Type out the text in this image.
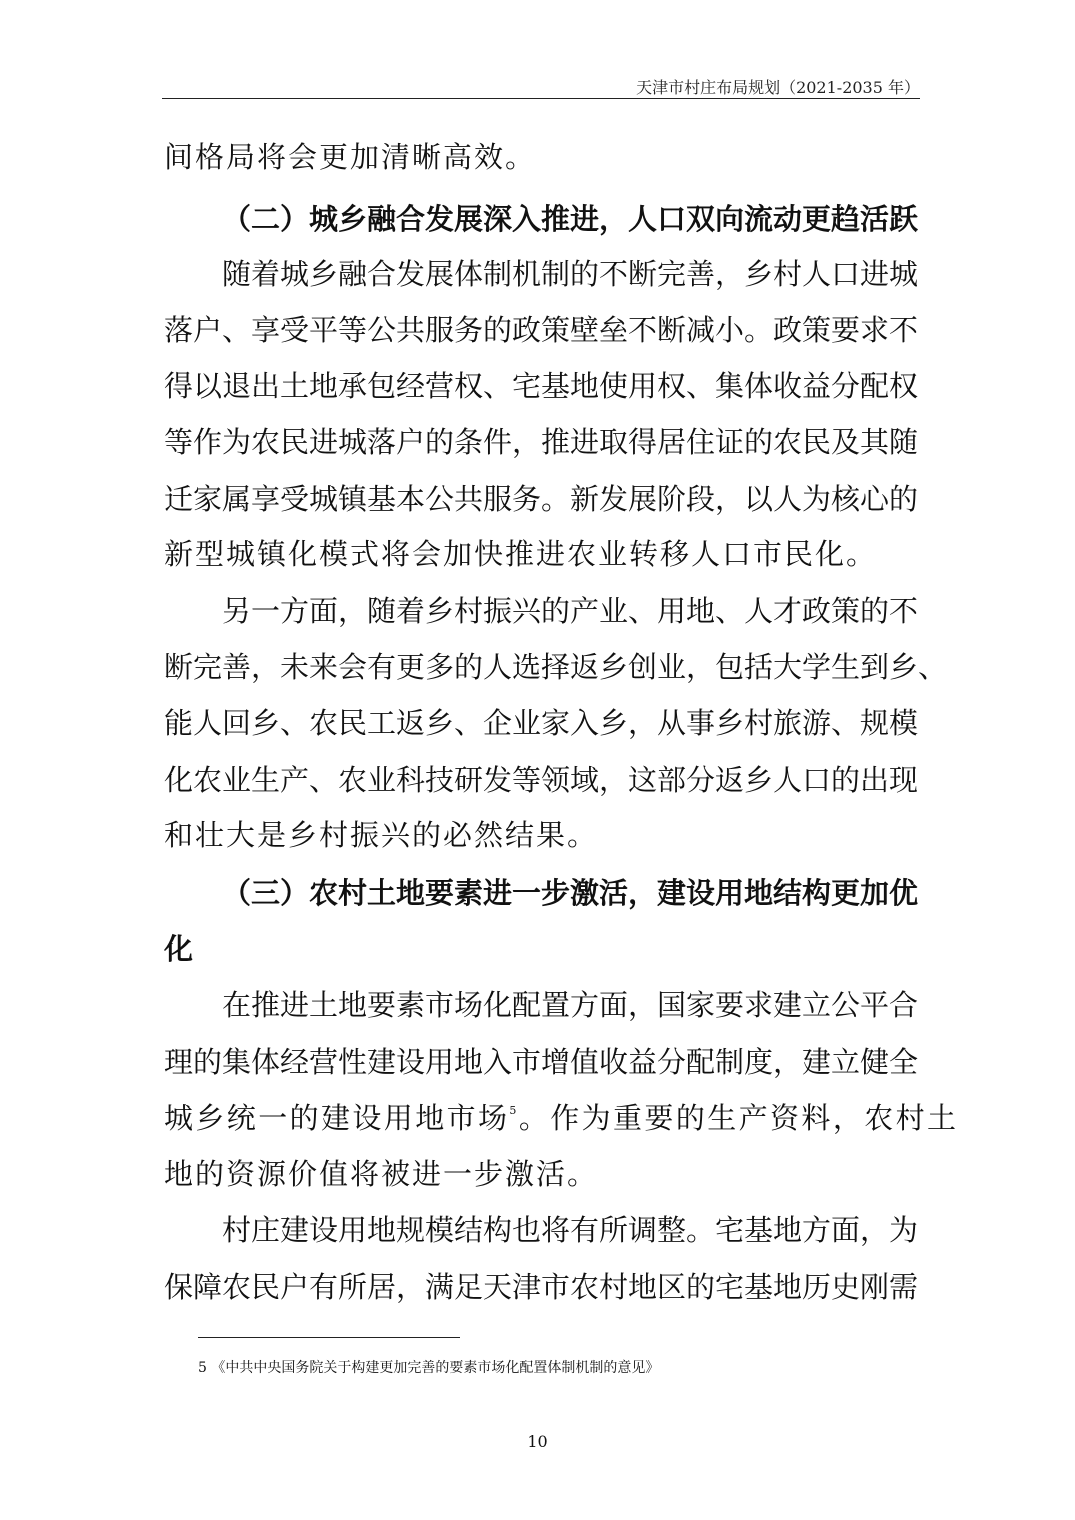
天津市村庄布局规划（2021-2035 年）
间格局将会更加清晰高效。
（二）城乡融合发展深入推进，人口双向流动更趋活跃
随着城乡融合发展体制机制的不断完善，乡村人口进城
落户、享受平等公共服务的政策壁垒不断减小。政策要求不
得以退出土地承包经营权、宅基地使用权、集体收益分配权
等作为农民进城落户的条件，推进取得居住证的农民及其随
迁家属享受城镇基本公共服务。新发展阶段，以人为核心的
新型城镇化模式将会加快推进农业转移人口市民化。
另一方面，随着乡村振兴的产业、用地、人才政策的不
断完善，未来会有更多的人选择返乡创业，包括大学生到乡、
能人回乡、农民工返乡、企业家入乡，从事乡村旅游、规模
化农业生产、农业科技研发等领域，这部分返乡人口的出现
和壮大是乡村振兴的必然结果。
（三）农村土地要素进一步激活，建设用地结构更加优
化
在推进土地要素市场化配置方面，国家要求建立公平合
理的集体经营性建设用地入市增值收益分配制度，建立健全
城乡统一的建设用地市场$^5$。作为重要的生产资料，农村土
地的资源价值将被进一步激活。
村庄建设用地规模结构也将有所调整。宅基地方面，为
保障农民户有所居，满足天津市农村地区的宅基地历史刚需
5 《中共中央国务院关于构建更加完善的要素市场化配置体制机制的意见》
10
